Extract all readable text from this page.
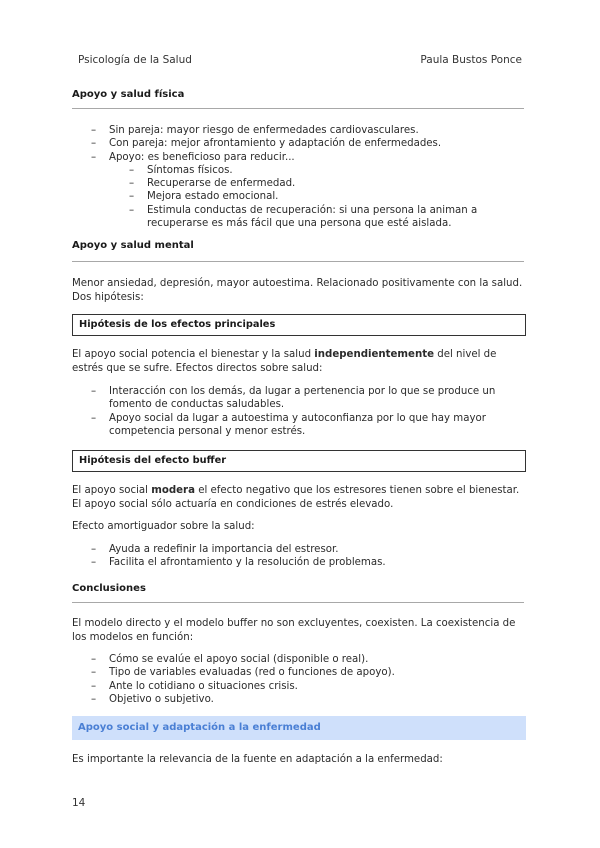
Psicología de la Salud	Paula Bustos Ponce
Apoyo y salud física
– Sin pareja: mayor riesgo de enfermedades cardiovasculares.
– Con pareja: mejor afrontamiento y adaptación de enfermedades.
– Apoyo: es beneficioso para reducir...
– Síntomas físicos.
– Recuperarse de enfermedad.
– Mejora estado emocional.
– Estimula conductas de recuperación: si una persona la animan a recuperarse es más fácil que una persona que esté aislada.
Apoyo y salud mental
Menor ansiedad, depresión, mayor autoestima. Relacionado positivamente con la salud. Dos hipótesis:
Hipótesis de los efectos principales
El apoyo social potencia el bienestar y la salud independientemente del nivel de estrés que se sufre. Efectos directos sobre salud:
– Interacción con los demás, da lugar a pertenencia por lo que se produce un fomento de conductas saludables.
– Apoyo social da lugar a autoestima y autoconfianza por lo que hay mayor competencia personal y menor estrés.
Hipótesis del efecto buffer
El apoyo social modera el efecto negativo que los estresores tienen sobre el bienestar. El apoyo social sólo actuaría en condiciones de estrés elevado.
Efecto amortiguador sobre la salud:
– Ayuda a redefinir la importancia del estresor.
– Facilita el afrontamiento y la resolución de problemas.
Conclusiones
El modelo directo y el modelo buffer no son excluyentes, coexisten. La coexistencia de los modelos en función:
– Cómo se evalúe el apoyo social (disponible o real).
– Tipo de variables evaluadas (red o funciones de apoyo).
– Ante lo cotidiano o situaciones crisis.
– Objetivo o subjetivo.
Apoyo social y adaptación a la enfermedad
Es importante la relevancia de la fuente en adaptación a la enfermedad:
14
